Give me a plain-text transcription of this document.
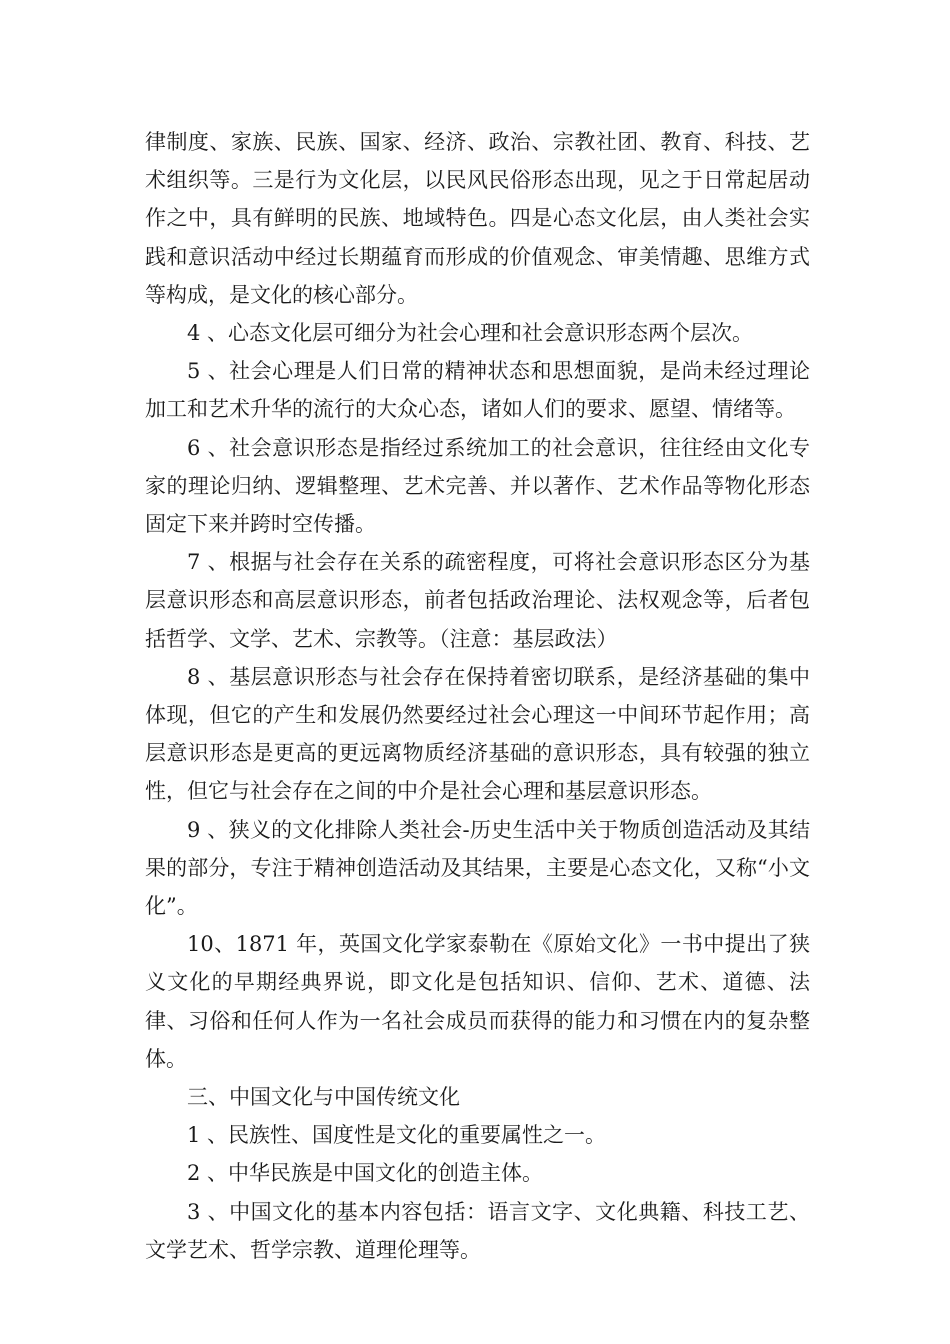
律制度、家族、民族、国家、经济、政治、宗教社团、教育、科技、艺术组织等。三是行为文化层，以民风民俗形态出现，见之于日常起居动作之中，具有鲜明的民族、地域特色。四是心态文化层，由人类社会实践和意识活动中经过长期蕴育而形成的价值观念、审美情趣、思维方式等构成，是文化的核心部分。

4 、心态文化层可细分为社会心理和社会意识形态两个层次。

5 、社会心理是人们日常的精神状态和思想面貌，是尚未经过理论加工和艺术升华的流行的大众心态，诸如人们的要求、愿望、情绪等。

6 、社会意识形态是指经过系统加工的社会意识，往往经由文化专家的理论归纳、逻辑整理、艺术完善、并以著作、艺术作品等物化形态固定下来并跨时空传播。

7 、根据与社会存在关系的疏密程度，可将社会意识形态区分为基层意识形态和高层意识形态，前者包括政治理论、法权观念等，后者包括哲学、文学、艺术、宗教等。（注意：基层政法）

8 、基层意识形态与社会存在保持着密切联系，是经济基础的集中体现，但它的产生和发展仍然要经过社会心理这一中间环节起作用；高层意识形态是更高的更远离物质经济基础的意识形态，具有较强的独立性，但它与社会存在之间的中介是社会心理和基层意识形态。

9 、狭义的文化排除人类社会-历史生活中关于物质创造活动及其结果的部分，专注于精神创造活动及其结果，主要是心态文化，又称“小文化”。

10、1871 年，英国文化学家泰勒在《原始文化》一书中提出了狭义文化的早期经典界说，即文化是包括知识、信仰、艺术、道德、法律、习俗和任何人作为一名社会成员而获得的能力和习惯在内的复杂整体。

三、中国文化与中国传统文化

1 、民族性、国度性是文化的重要属性之一。

2 、中华民族是中国文化的创造主体。

3 、中国文化的基本内容包括：语言文字、文化典籍、科技工艺、文学艺术、哲学宗教、道理伦理等。
